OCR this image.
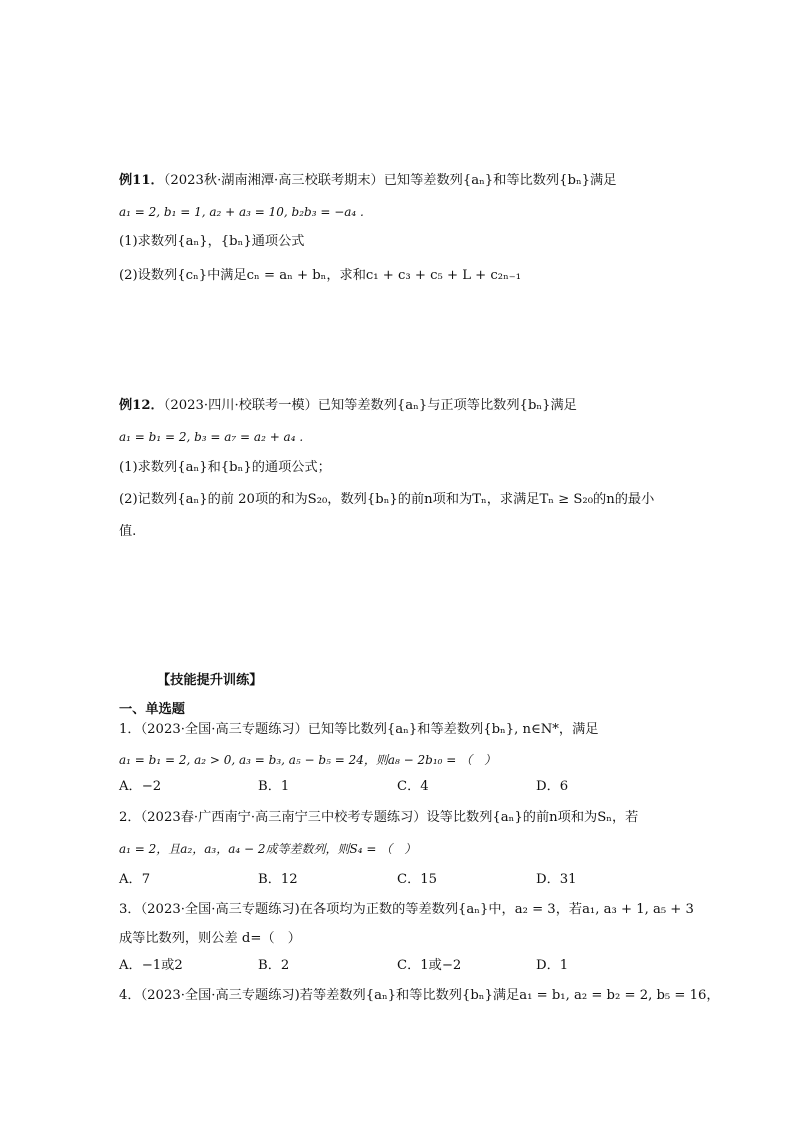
例11．（2023秋·湖南湘潭·高三校联考期末）已知等差数列{aₙ}和等比数列{bₙ}满足
a₁ = 2, b₁ = 1, a₂ + a₃ = 10, b₂b₃ = −a₄ .
(1)求数列{aₙ}，{bₙ}通项公式
(2)设数列{cₙ}中满足cₙ = aₙ + bₙ，求和c₁ + c₃ + c₅ + L + c₂ₙ₋₁
例12．（2023·四川·校联考一模）已知等差数列{aₙ}与正项等比数列{bₙ}满足
a₁ = b₁ = 2, b₃ = a₇ = a₂ + a₄ .
(1)求数列{aₙ}和{bₙ}的通项公式；
(2)记数列{aₙ}的前 20项的和为S₂₀，数列{bₙ}的前n项和为Tₙ，求满足Tₙ ≥ S₂₀的n的最小
值.
【技能提升训练】
一、单选题
1．（2023·全国·高三专题练习）已知等比数列{aₙ}和等差数列{bₙ}, n∈N*，满足
a₁ = b₁ = 2, a₂ > 0, a₃ = b₃, a₅ − b₅ = 24，则a₈ − 2b₁₀ = （　）
A．−2	B．1	C．4	D．6
2．（2023春·广西南宁·高三南宁三中校考专题练习）设等比数列{aₙ}的前n项和为Sₙ，若
a₁ = 2，且a₂，a₃，a₄ − 2成等差数列，则S₄ = （　）
A．7	B．12	C．15	D．31
3．（2023·全国·高三专题练习)在各项均为正数的等差数列{aₙ}中，a₂ = 3，若a₁, a₃ + 1, a₅ + 3
成等比数列，则公差 d=（　）
A．−1或2	B．2	C．1或−2	D．1
4．（2023·全国·高三专题练习)若等差数列{aₙ}和等比数列{bₙ}满足a₁ = b₁, a₂ = b₂ = 2, b₅ = 16，
